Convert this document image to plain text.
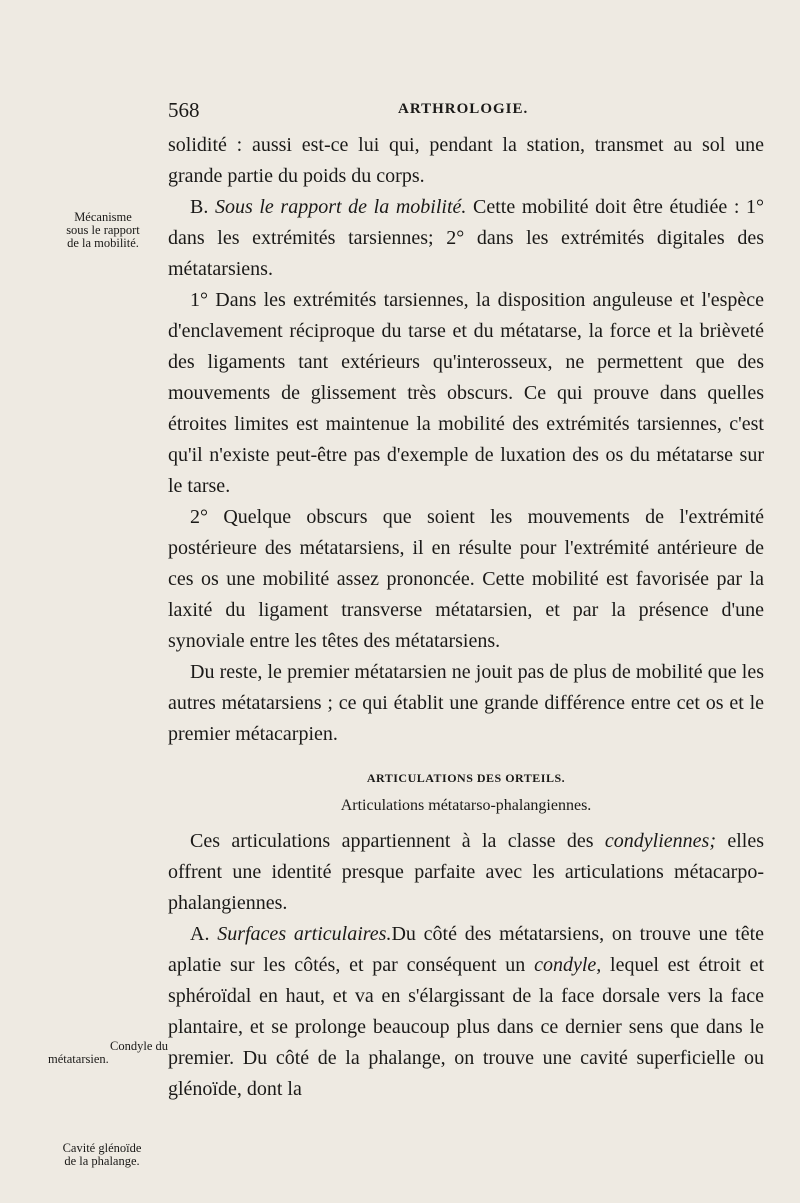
568	ARTHROLOGIE.
Mécanisme
sous le rapport
de la mobilité.
Condyle du
métatarsien.
Cavité glénoïde
de la phalange.

solidité : aussi est-ce lui qui, pendant la station, transmet au sol une grande partie du poids du corps.

B. Sous le rapport de la mobilité. Cette mobilité doit être étudiée : 1° dans les extrémités tarsiennes; 2° dans les extrémités digitales des métatarsiens.

1° Dans les extrémités tarsiennes, la disposition anguleuse et l'espèce d'enclavement réciproque du tarse et du métatarse, la force et la brièveté des ligaments tant extérieurs qu'interosseux, ne permettent que des mouvements de glissement très obscurs. Ce qui prouve dans quelles étroites limites est maintenue la mobilité des extrémités tarsiennes, c'est qu'il n'existe peut-être pas d'exemple de luxation des os du métatarse sur le tarse.

2° Quelque obscurs que soient les mouvements de l'extrémité postérieure des métatarsiens, il en résulte pour l'extrémité antérieure de ces os une mobilité assez prononcée. Cette mobilité est favorisée par la laxité du ligament transverse métatarsien, et par la présence d'une synoviale entre les têtes des métatarsiens.

Du reste, le premier métatarsien ne jouit pas de plus de mobilité que les autres métatarsiens ; ce qui établit une grande différence entre cet os et le premier métacarpien.

ARTICULATIONS DES ORTEILS.
Articulations métatarso-phalangiennes.

Ces articulations appartiennent à la classe des condyliennes; elles offrent une identité presque parfaite avec les articulations métacarpo-phalangiennes.

A. Surfaces articulaires.Du côté des métatarsiens, on trouve une tête aplatie sur les côtés, et par conséquent un condyle, lequel est étroit et sphéroïdal en haut, et va en s'élargissant de la face dorsale vers la face plantaire, et se prolonge beaucoup plus dans ce dernier sens que dans le premier. Du côté de la phalange, on trouve une cavité superficielle ou glénoïde, dont la
